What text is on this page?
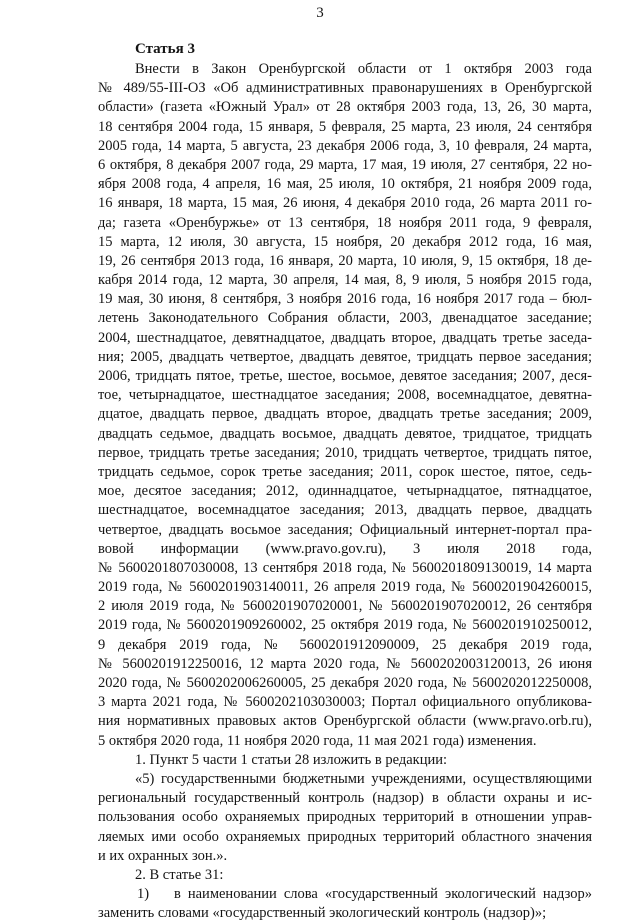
3
Статья 3
Внести в Закон Оренбургской области от 1 октября 2003 года
№ 489/55-III-ОЗ «Об административных правонарушениях в Оренбургской
области» (газета «Южный Урал» от 28 октября 2003 года, 13, 26, 30 марта,
18 сентября 2004 года, 15 января, 5 февраля, 25 марта, 23 июля, 24 сентября
2005 года, 14 марта, 5 августа, 23 декабря 2006 года, 3, 10 февраля, 24 марта,
6 октября, 8 декабря 2007 года, 29 марта, 17 мая, 19 июля, 27 сентября, 22 но-
ября 2008 года, 4 апреля, 16 мая, 25 июля, 10 октября, 21 ноября 2009 года,
16 января, 18 марта, 15 мая, 26 июня, 4 декабря 2010 года, 26 марта 2011 го-
да; газета «Оренбуржье» от 13 сентября, 18 ноября 2011 года, 9 февраля,
15 марта, 12 июля, 30 августа, 15 ноября, 20 декабря 2012 года, 16 мая,
19, 26 сентября 2013 года, 16 января, 20 марта, 10 июля, 9, 15 октября, 18 де-
кабря 2014 года, 12 марта, 30 апреля, 14 мая, 8, 9 июля, 5 ноября 2015 года,
19 мая, 30 июня, 8 сентября, 3 ноября 2016 года, 16 ноября 2017 года – бюл-
летень Законодательного Собрания области, 2003, двенадцатое заседание;
2004, шестнадцатое, девятнадцатое, двадцать второе, двадцать третье заседа-
ния; 2005, двадцать четвертое, двадцать девятое, тридцать первое заседания;
2006, тридцать пятое, третье, шестое, восьмое, девятое заседания; 2007, деся-
тое, четырнадцатое, шестнадцатое заседания; 2008, восемнадцатое, девятна-
дцатое, двадцать первое, двадцать второе, двадцать третье заседания; 2009,
двадцать седьмое, двадцать восьмое, двадцать девятое, тридцатое, тридцать
первое, тридцать третье заседания; 2010, тридцать четвертое, тридцать пятое,
тридцать седьмое, сорок третье заседания; 2011, сорок шестое, пятое, седь-
мое, десятое заседания; 2012, одиннадцатое, четырнадцатое, пятнадцатое,
шестнадцатое, восемнадцатое заседания; 2013, двадцать первое, двадцать
четвертое, двадцать восьмое заседания; Официальный интернет-портал пра-
вовой информации (www.pravo.gov.ru), 3 июля 2018 года,
№ 5600201807030008, 13 сентября 2018 года, № 5600201809130019, 14 марта
2019 года, № 5600201903140011, 26 апреля 2019 года, № 5600201904260015,
2 июля 2019 года, № 5600201907020001, № 5600201907020012, 26 сентября
2019 года, № 5600201909260002, 25 октября 2019 года, № 5600201910250012,
9 декабря 2019 года, № 5600201912090009, 25 декабря 2019 года,
№ 5600201912250016, 12 марта 2020 года, № 5600202003120013, 26 июня
2020 года, № 5600202006260005, 25 декабря 2020 года, № 5600202012250008,
3 марта 2021 года, № 5600202103030003; Портал официального опубликова-
ния нормативных правовых актов Оренбургской области (www.pravo.orb.ru),
5 октября 2020 года, 11 ноября 2020 года, 11 мая 2021 года) изменения.
1. Пункт 5 части 1 статьи 28 изложить в редакции:
«5) государственными бюджетными учреждениями, осуществляющими
региональный государственный контроль (надзор) в области охраны и ис-
пользования особо охраняемых природных территорий в отношении управ-
ляемых ими особо охраняемых природных территорий областного значения
и их охранных зон.».
2. В статье 31:
1) в наименовании слова «государственный экологический надзор»
заменить словами «государственный экологический контроль (надзор)»;
